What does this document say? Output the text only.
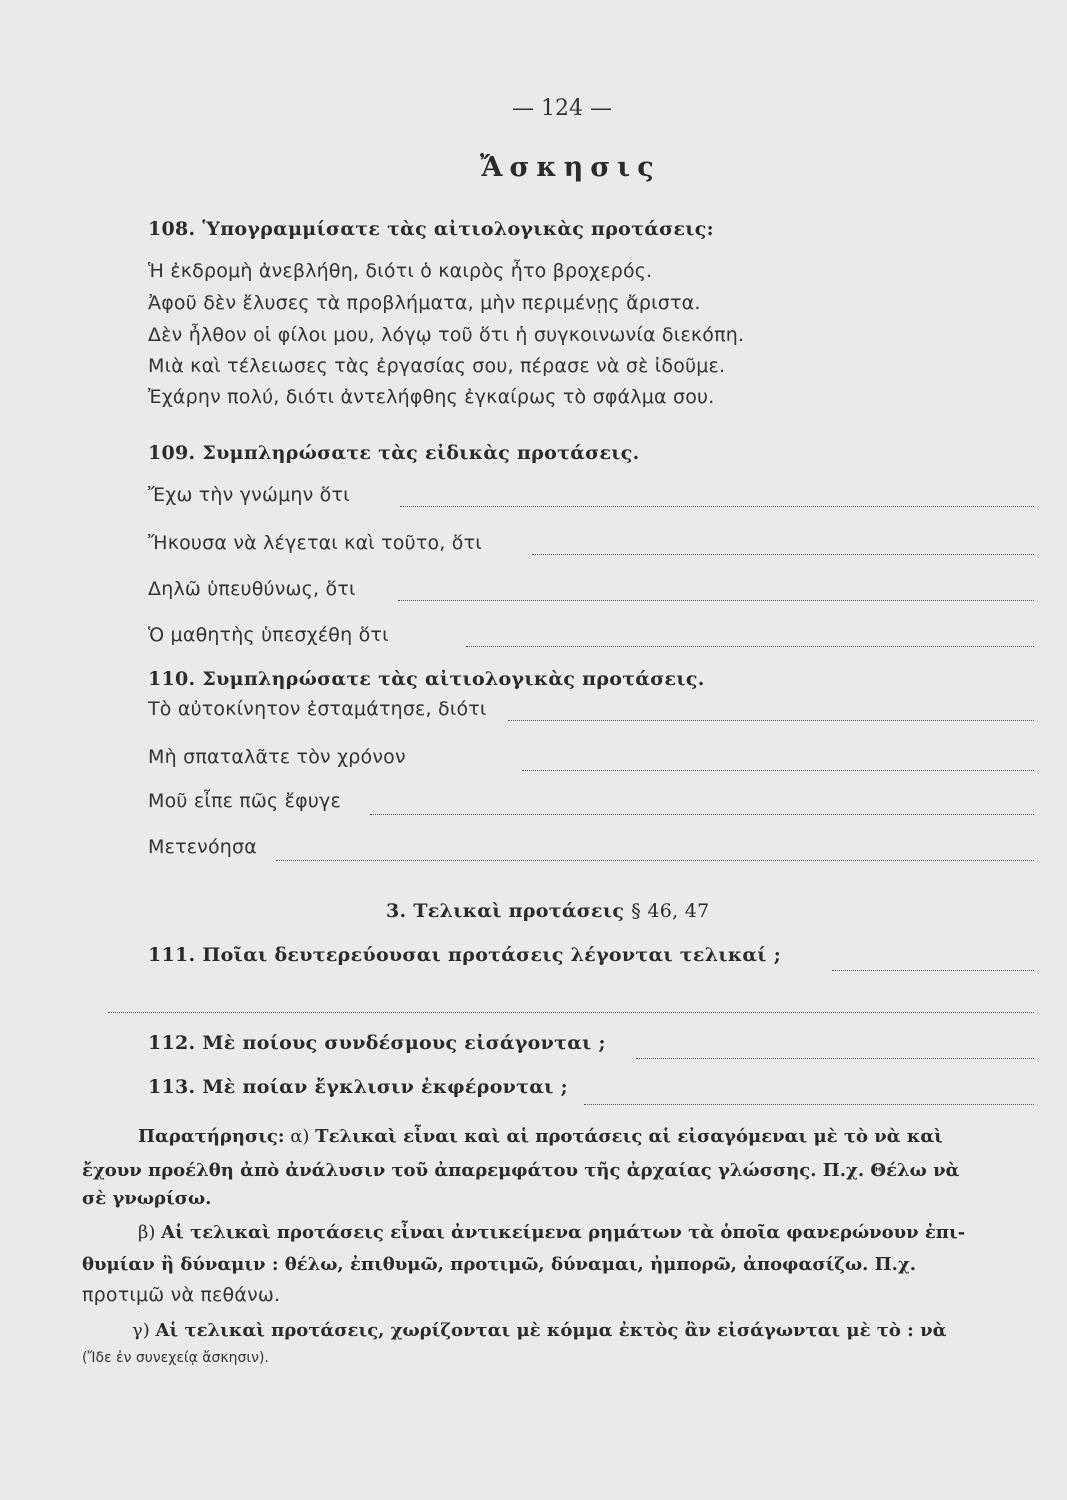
— 124 —
Ἄσκησις
108. Ὑπογραμμίσατε τὰς αἰτιολογικὰς προτάσεις:
Ἡ ἐκδρομὴ ἀνεβλήθη, διότι ὁ καιρὸς ἦτο βροχερός.
Ἀφοῦ δὲν ἔλυσες τὰ προβλήματα, μὴν περιμένῃς ἄριστα.
Δὲν ἦλθον οἱ φίλοι μου, λόγῳ τοῦ ὅτι ἡ συγκοινωνία διεκόπη.
Μιὰ καὶ τέλειωσες τὰς ἐργασίας σου, πέρασε νὰ σὲ ἰδοῦμε.
Ἐχάρην πολύ, διότι ἀντελήφθης ἐγκαίρως τὸ σφάλμα σου.
109. Συμπληρώσατε τὰς εἰδικὰς προτάσεις.
Ἔχω τὴν γνώμην ὅτι
Ἤκουσα νὰ λέγεται καὶ τοῦτο, ὅτι
Δηλῶ ὑπευθύνως, ὅτι
Ὁ μαθητὴς ὑπεσχέθη ὅτι
110. Συμπληρώσατε τὰς αἰτιολογικὰς προτάσεις.
Τὸ αὐτοκίνητον ἐσταμάτησε, διότι
Μὴ σπαταλᾶτε τὸν χρόνον
Μοῦ εἶπε πῶς ἔφυγε
Μετενόησα
3. Τελικαὶ προτάσεις § 46, 47
111. Ποῖαι δευτερεύουσαι προτάσεις λέγονται τελικαί ;
112. Μὲ ποίους συνδέσμους εἰσάγονται ;
113. Μὲ ποίαν ἔγκλισιν ἐκφέρονται ;
Παρατήρησις: α) Τελικαὶ εἶναι καὶ αἱ προτάσεις αἱ εἰσαγόμεναι μὲ τὸ νὰ καὶ
ἔχουν προέλθη ἀπὸ ἀνάλυσιν τοῦ ἀπαρεμφάτου τῆς ἀρχαίας γλώσσης. Π.χ. Θέλω νὰ
σὲ γνωρίσω.
β) Αἱ τελικαὶ προτάσεις εἶναι ἀντικείμενα ρημάτων τὰ ὁποῖα φανερώνουν ἐπι-
θυμίαν ἢ δύναμιν : θέλω, ἐπιθυμῶ, προτιμῶ, δύναμαι, ἠμπορῶ, ἀποφασίζω. Π.χ.
προτιμῶ νὰ πεθάνω.
γ) Αἱ τελικαὶ προτάσεις, χωρίζονται μὲ κόμμα ἐκτὸς ἂν εἰσάγωνται μὲ τὸ : νὰ
(Ἴδε ἐν συνεχείᾳ ἄσκησιν).
